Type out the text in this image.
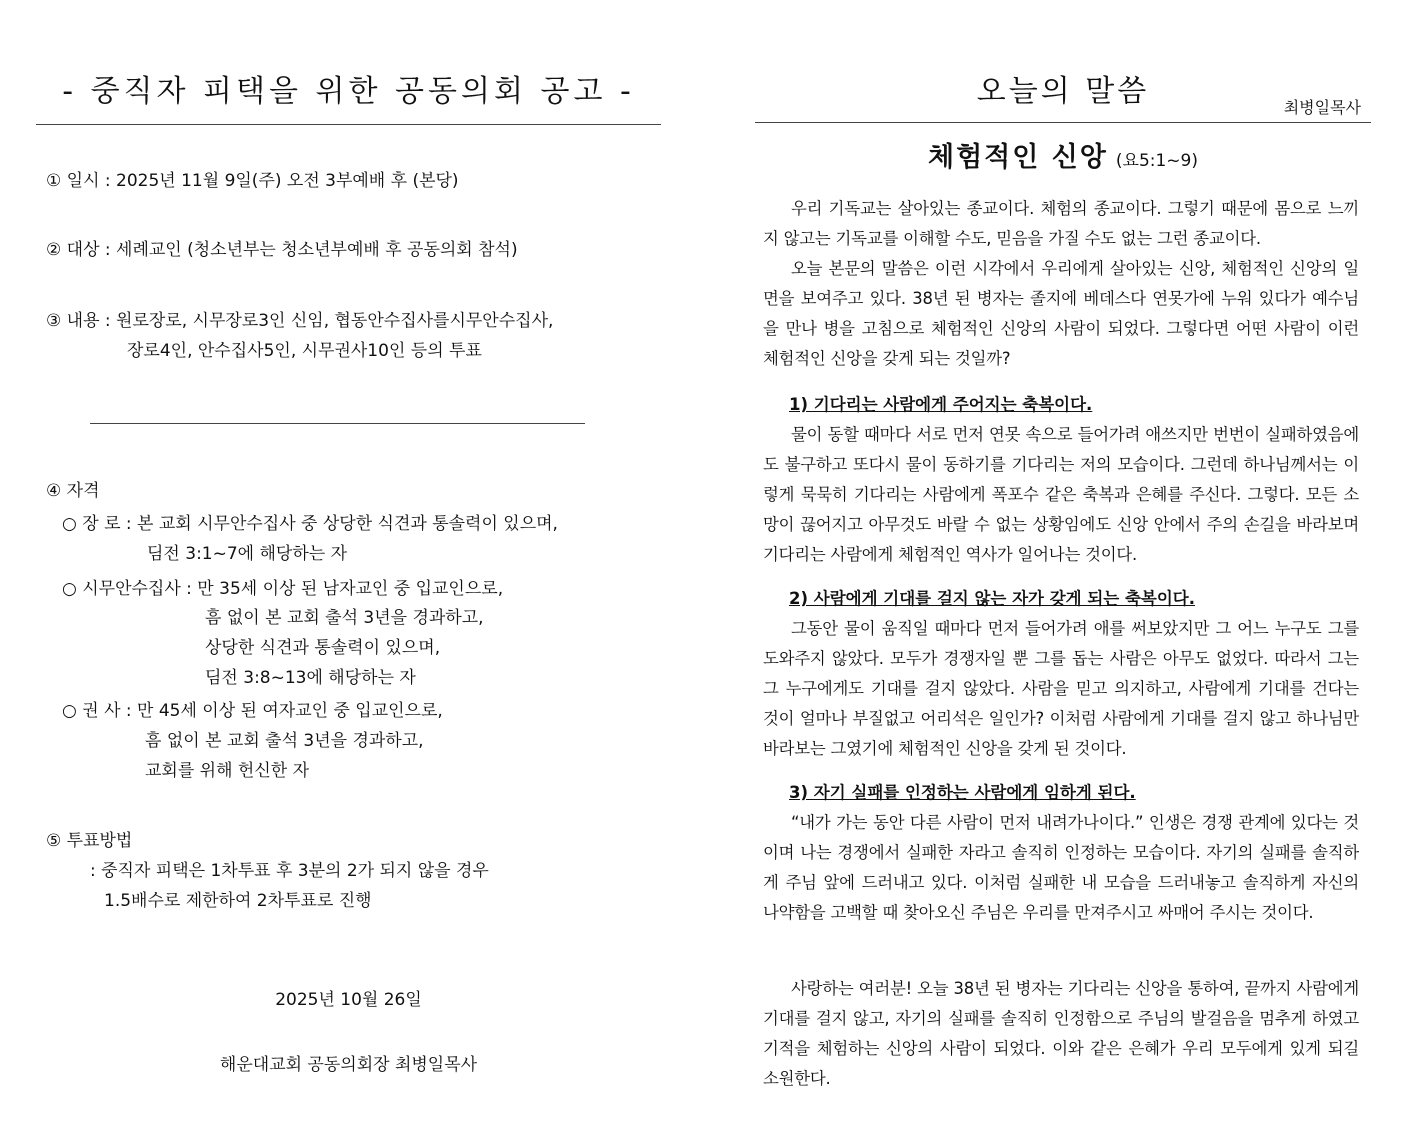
- 중직자 피택을 위한 공동의회 공고 -
① 일시 : 2025년 11월 9일(주) 오전 3부예배 후 (본당)
② 대상 : 세례교인 (청소년부는 청소년부예배 후 공동의회 참석)
③ 내용 : 원로장로, 시무장로3인 신임, 협동안수집사를시무안수집사,
장로4인, 안수집사5인, 시무권사10인 등의 투표
④ 자격
○ 장 로 : 본 교회 시무안수집사 중 상당한 식견과 통솔력이 있으며,
딤전 3:1~7에 해당하는 자
○ 시무안수집사 : 만 35세 이상 된 남자교인 중 입교인으로,
흠 없이 본 교회 출석 3년을 경과하고,
상당한 식견과 통솔력이 있으며,
딤전 3:8~13에 해당하는 자
○ 권 사 : 만 45세 이상 된 여자교인 중 입교인으로,
흠 없이 본 교회 출석 3년을 경과하고,
교회를 위해 헌신한 자
⑤ 투표방법
: 중직자 피택은 1차투표 후 3분의 2가 되지 않을 경우
1.5배수로 제한하여 2차투표로 진행
2025년 10월 26일
해운대교회 공동의회장 최병일목사
오늘의 말씀	최병일목사
체험적인 신앙 (요5:1~9)
우리 기독교는 살아있는 종교이다. 체험의 종교이다. 그렇기 때문에 몸으로 느끼지 않고는 기독교를 이해할 수도, 믿음을 가질 수도 없는 그런 종교이다.
오늘 본문의 말씀은 이런 시각에서 우리에게 살아있는 신앙, 체험적인 신앙의 일면을 보여주고 있다. 38년 된 병자는 졸지에 베데스다 연못가에 누워 있다가 예수님을 만나 병을 고침으로 체험적인 신앙의 사람이 되었다. 그렇다면 어떤 사람이 이런 체험적인 신앙을 갖게 되는 것일까?
1) 기다리는 사람에게 주어지는 축복이다.
물이 동할 때마다 서로 먼저 연못 속으로 들어가려 애쓰지만 번번이 실패하였음에도 불구하고 또다시 물이 동하기를 기다리는 저의 모습이다. 그런데 하나님께서는 이렇게 묵묵히 기다리는 사람에게 폭포수 같은 축복과 은혜를 주신다. 그렇다. 모든 소망이 끊어지고 아무것도 바랄 수 없는 상황임에도 신앙 안에서 주의 손길을 바라보며 기다리는 사람에게 체험적인 역사가 일어나는 것이다.
2) 사람에게 기대를 걸지 않는 자가 갖게 되는 축복이다.
그동안 물이 움직일 때마다 먼저 들어가려 애를 써보았지만 그 어느 누구도 그를 도와주지 않았다. 모두가 경쟁자일 뿐 그를 돕는 사람은 아무도 없었다. 따라서 그는 그 누구에게도 기대를 걸지 않았다. 사람을 믿고 의지하고, 사람에게 기대를 건다는 것이 얼마나 부질없고 어리석은 일인가? 이처럼 사람에게 기대를 걸지 않고 하나님만 바라보는 그였기에 체험적인 신앙을 갖게 된 것이다.
3) 자기 실패를 인정하는 사람에게 임하게 된다.
“내가 가는 동안 다른 사람이 먼저 내려가나이다.” 인생은 경쟁 관계에 있다는 것이며 나는 경쟁에서 실패한 자라고 솔직히 인정하는 모습이다. 자기의 실패를 솔직하게 주님 앞에 드러내고 있다. 이처럼 실패한 내 모습을 드러내놓고 솔직하게 자신의 나약함을 고백할 때 찾아오신 주님은 우리를 만져주시고 싸매어 주시는 것이다.
사랑하는 여러분! 오늘 38년 된 병자는 기다리는 신앙을 통하여, 끝까지 사람에게 기대를 걸지 않고, 자기의 실패를 솔직히 인정함으로 주님의 발걸음을 멈추게 하였고 기적을 체험하는 신앙의 사람이 되었다. 이와 같은 은혜가 우리 모두에게 있게 되길 소원한다.
